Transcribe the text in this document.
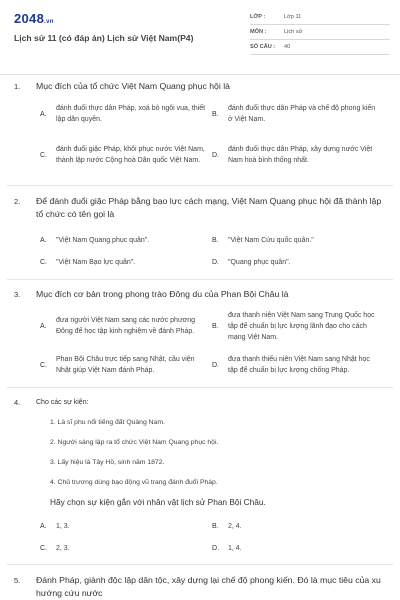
2048.vn
Lịch sử 11 (có đáp án) Lịch sử Việt Nam(P4)
LỚP :	Lớp 11
MÔN :	Lịch sử
SỐ CÂU :	40
1.	Mục đích của tổ chức Việt Nam Quang phục hội là
A.
đánh đuổi thực dân Pháp, xoá bỏ ngôi vua, thiết lập dân quyền.
B.
đánh đuổi thực dân Pháp và chế độ phong kiến ở Việt Nam.
C.
đánh đuổi giặc Pháp, khôi phục nước Việt Nam, thành lập nước Cộng hoà Dân quốc Việt Nam.
D.
đánh đuổi thực dân Pháp, xây dựng nước Việt Nam hoà bình thống nhất.
2.	Để đánh đuổi giặc Pháp bằng bạo lực cách mạng, Việt Nam Quang phục hội đã thành lập tổ chức có tên gọi là
A.	"Việt Nam Quang phục quân".	B.	"Việt Nam Cứu quốc quân."
C.	"Việt Nam Bạo lực quân".	D.	"Quang phục quân".
3.	Mục đích cơ bản trong phong trào Đông du của Phan Bội Châu là
A.
đưa người Việt Nam sang các nước phương Đông để học tập kinh nghiệm về đánh Pháp.
B.
đưa thanh niên Việt Nam sang Trung Quốc học tập để chuẩn bị lực lượng lãnh đạo cho cách mạng Việt Nam.
C.
Phan Bội Châu trực tiếp sang Nhật, cầu viện Nhật giúp Việt Nam đánh Pháp.
D.
đưa thanh thiếu niên Việt Nam sang Nhật học tập để chuẩn bị lực lượng chống Pháp.
4.	Cho các sự kiện:
1. Là sĩ phu nổi tiếng đất Quảng Nam.
2. Người sáng lập ra tổ chức Việt Nam Quang phục hội.
3. Lấy hiệu là Tây Hồ, sinh năm 1872.
4. Chủ trương dùng bạo động vũ trang đánh đuổi Pháp.
Hãy chọn sự kiện gắn với nhân vật lịch sử Phan Bội Châu.
A.	1, 3.	B.	2, 4.
C.	2, 3.	D.	1, 4.
5.	Đánh Pháp, giành độc lập dân tộc, xây dựng lại chế độ phong kiến. Đó là mục tiêu của xu hướng cứu nước
